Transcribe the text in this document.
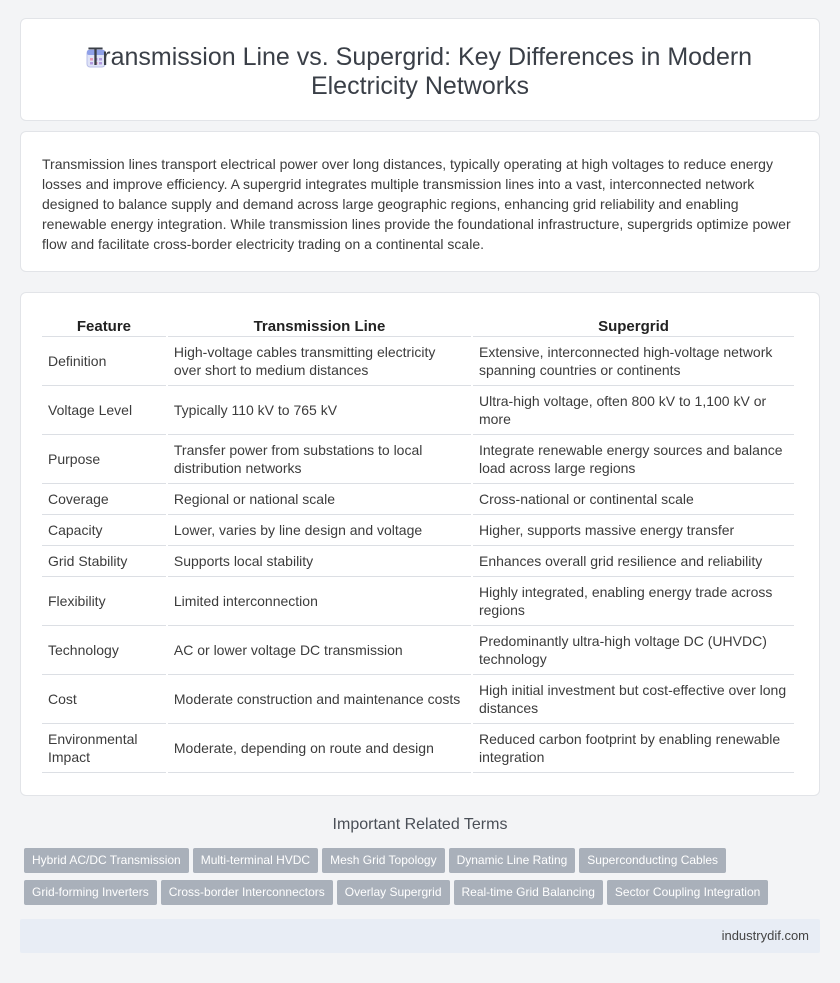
Transmission Line vs. Supergrid: Key Differences in Modern Electricity Networks

Transmission lines transport electrical power over long distances, typically operating at high voltages to reduce energy losses and improve efficiency. A supergrid integrates multiple transmission lines into a vast, interconnected network designed to balance supply and demand across large geographic regions, enhancing grid reliability and enabling renewable energy integration. While transmission lines provide the foundational infrastructure, supergrids optimize power flow and facilitate cross-border electricity trading on a continental scale.

Feature	Transmission Line	Supergrid
Definition	High-voltage cables transmitting electricity over short to medium distances	Extensive, interconnected high-voltage network spanning countries or continents
Voltage Level	Typically 110 kV to 765 kV	Ultra-high voltage, often 800 kV to 1,100 kV or more
Purpose	Transfer power from substations to local distribution networks	Integrate renewable energy sources and balance load across large regions
Coverage	Regional or national scale	Cross-national or continental scale
Capacity	Lower, varies by line design and voltage	Higher, supports massive energy transfer
Grid Stability	Supports local stability	Enhances overall grid resilience and reliability
Flexibility	Limited interconnection	Highly integrated, enabling energy trade across regions
Technology	AC or lower voltage DC transmission	Predominantly ultra-high voltage DC (UHVDC) technology
Cost	Moderate construction and maintenance costs	High initial investment but cost-effective over long distances
Environmental Impact	Moderate, depending on route and design	Reduced carbon footprint by enabling renewable integration
Important Related Terms
Hybrid AC/DC Transmission Multi-terminal HVDC Mesh Grid Topology Dynamic Line Rating Superconducting Cables
Grid-forming Inverters Cross-border Interconnectors Overlay Supergrid Real-time Grid Balancing Sector Coupling Integration
industrydif.com
